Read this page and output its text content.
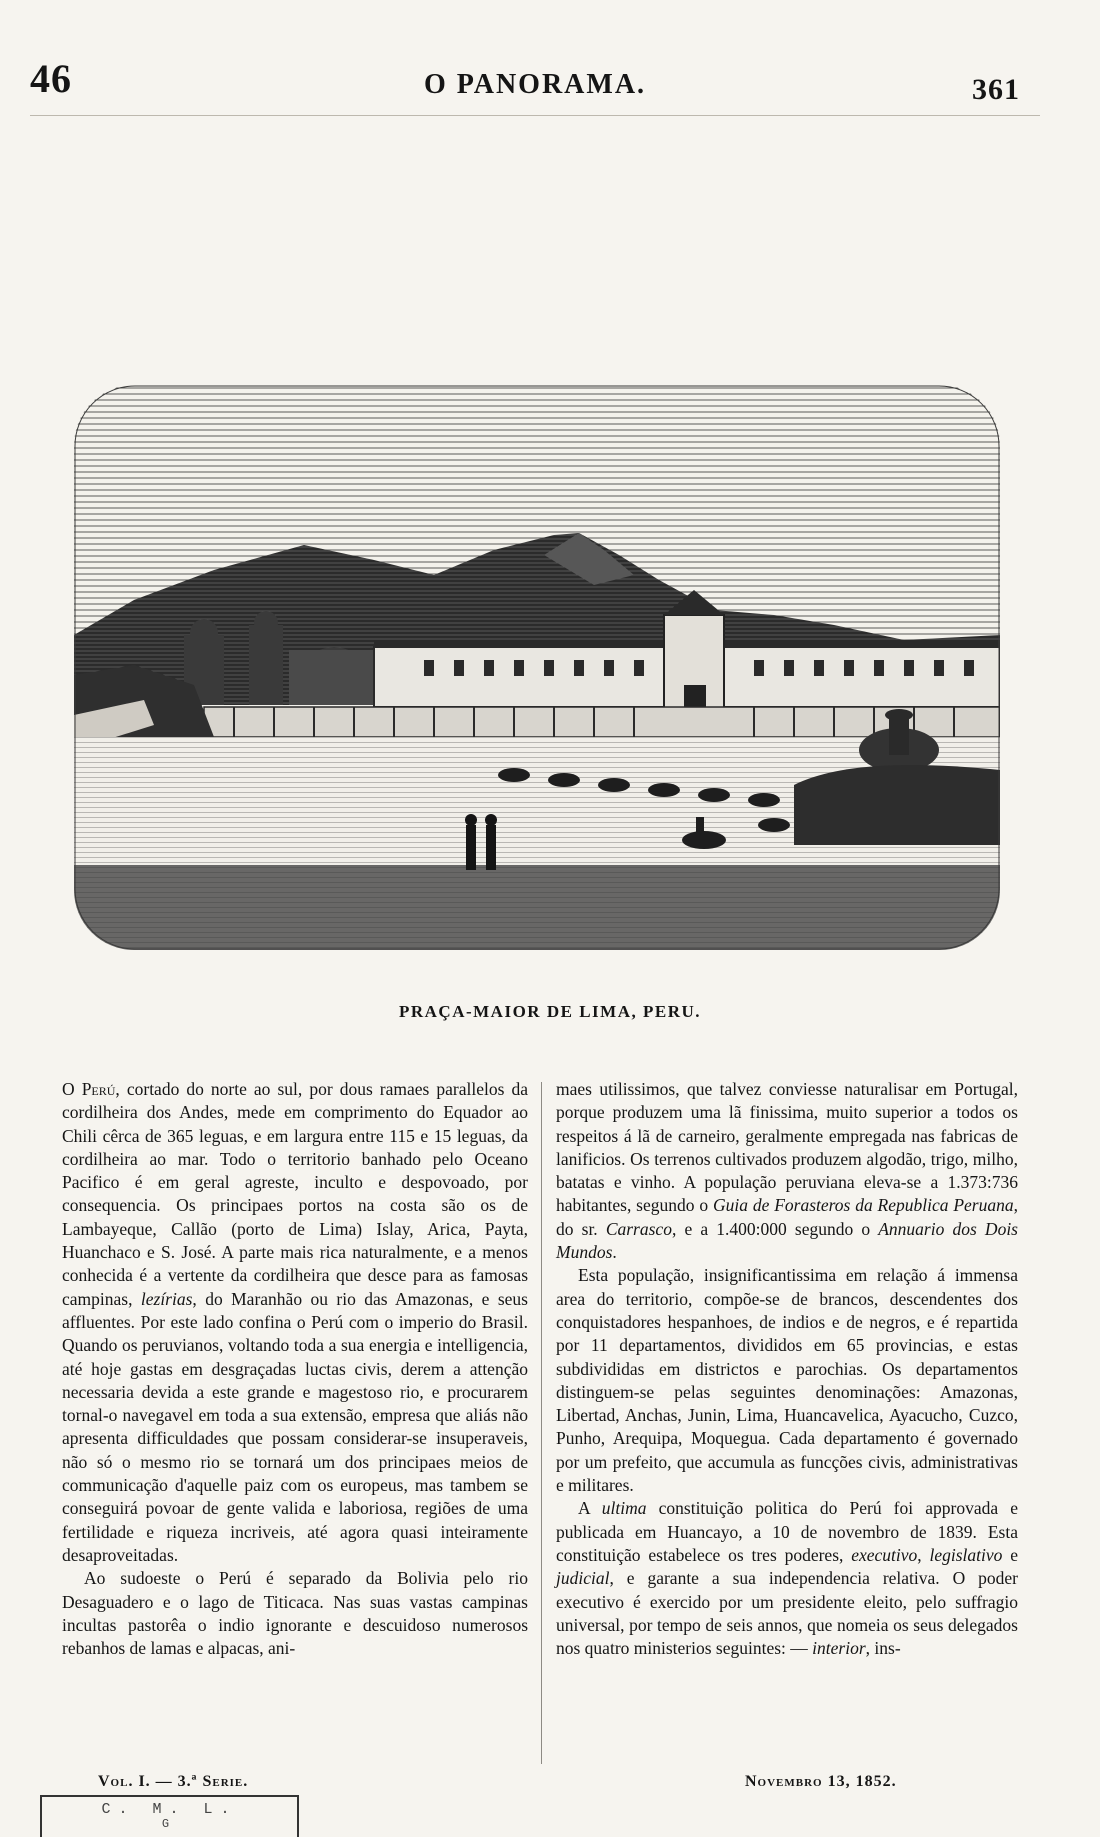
46	O PANORAMA.	361
PRAÇA-MAIOR DE LIMA, PERU.

O Perú, cortado do norte ao sul, por dous ramaes parallelos da cordilheira dos Andes, mede em comprimento do Equador ao Chili cêrca de 365 leguas, e em largura entre 115 e 15 leguas, da cordilheira ao mar. Todo o territorio banhado pelo Oceano Pacifico é em geral agreste, inculto e despovoado, por consequencia. Os principaes portos na costa são os de Lambayeque, Callão (porto de Lima) Islay, Arica, Payta, Huanchaco e S. José. A parte mais rica naturalmente, e a menos conhecida é a vertente da cordilheira que desce para as famosas campinas, lezírias, do Maranhão ou rio das Amazonas, e seus affluentes. Por este lado confina o Perú com o imperio do Brasil. Quando os peruvianos, voltando toda a sua energia e intelligencia, até hoje gastas em desgraçadas luctas civis, derem a attenção necessaria devida a este grande e magestoso rio, e procurarem tornal-o navegavel em toda a sua extensão, empresa que aliás não apresenta difficuldades que possam considerar-se insuperaveis, não só o mesmo rio se tornará um dos principaes meios de communicação d'aquelle paiz com os europeus, mas tambem se conseguirá povoar de gente valida e laboriosa, regiões de uma fertilidade e riqueza incriveis, até agora quasi inteiramente desaproveitadas.

Ao sudoeste o Perú é separado da Bolivia pelo rio Desaguadero e o lago de Titicaca. Nas suas vastas campinas incultas pastorêa o indio ignorante e descuidoso numerosos rebanhos de lamas e alpacas, ani-

maes utilissimos, que talvez conviesse naturalisar em Portugal, porque produzem uma lã finissima, muito superior a todos os respeitos á lã de carneiro, geralmente empregada nas fabricas de lanificios. Os terrenos cultivados produzem algodão, trigo, milho, batatas e vinho. A população peruviana eleva-se a 1.373:736 habitantes, segundo o Guia de Forasteros da Republica Peruana, do sr. Carrasco, e a 1.400:000 segundo o Annuario dos Dois Mundos.

Esta população, insignificantissima em relação á immensa area do territorio, compõe-se de brancos, descendentes dos conquistadores hespanhoes, de indios e de negros, e é repartida por 11 departamentos, divididos em 65 provincias, e estas subdivididas em districtos e parochias. Os departamentos distinguem-se pelas seguintes denominações: Amazonas, Libertad, Anchas, Junin, Lima, Huancavelica, Ayacucho, Cuzco, Punho, Arequipa, Moquegua. Cada departamento é governado por um prefeito, que accumula as funcções civis, administrativas e militares.

A ultima constituição politica do Perú foi approvada e publicada em Huancayo, a 10 de novembro de 1839. Esta constituição estabelece os tres poderes, executivo, legislativo e judicial, e garante a sua independencia relativa. O poder executivo é exercido por um presidente eleito, pelo suffragio universal, por tempo de seis annos, que nomeia os seus delegados nos quatro ministerios seguintes: — interior, ins-

Vol. I. — 3.ª Serie.	Novembro 13, 1852.
C. M. L.
G
